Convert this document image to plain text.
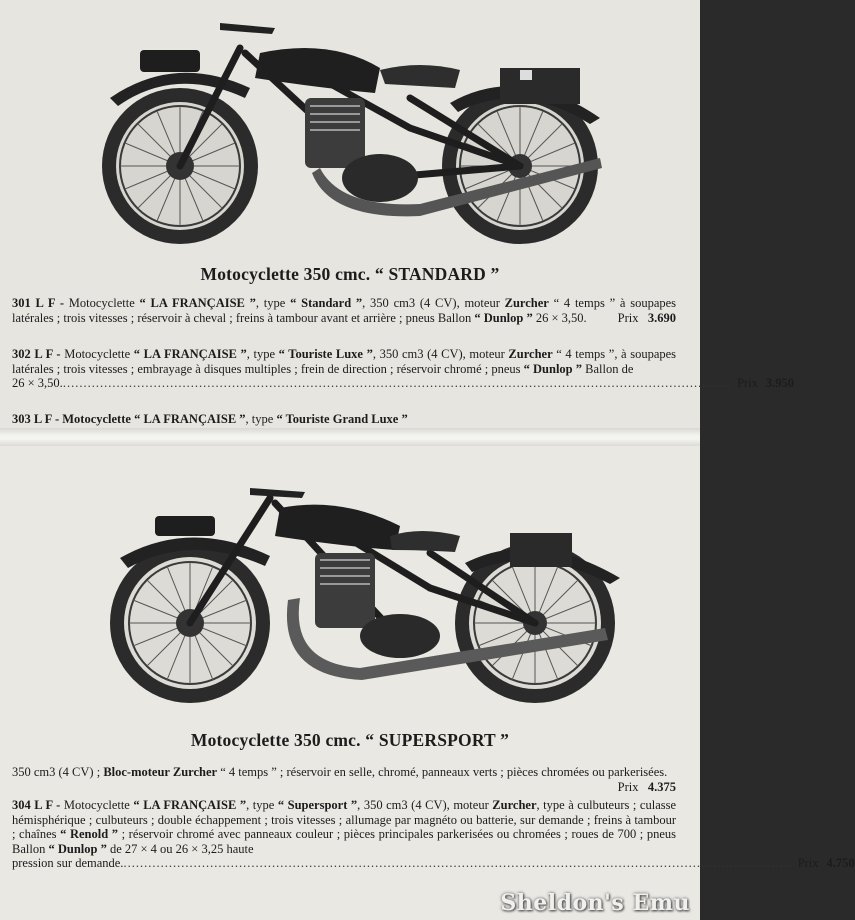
Motocyclette 350 cmc. “ STANDARD ”
301 L F - Motocyclette “ LA FRANÇAISE ”, type “ Standard ”, 350 cm3 (4 CV), moteur Zurcher “ 4 temps ” à soupapes latérales ; trois vitesses ; réservoir à cheval ; freins à tambour avant et arrière ; pneus Ballon “ Dunlop ” 26 × 3,50. Prix 3.690
302 L F - Motocyclette “ LA FRANÇAISE ”, type “ Touriste Luxe ”, 350 cm3 (4 CV), moteur Zurcher “ 4 temps ”, à soupapes latérales ; trois vitesses ; embrayage à disques multiples ; frein de direction ; réservoir chromé ; pneus “ Dunlop ” Ballon de
26 × 3,50. .................................................................................................................................................................. Prix 3.950
303 L F - Motocyclette “ LA FRANÇAISE ”, type “ Touriste Grand Luxe ”
Motocyclette 350 cmc. “ SUPERSPORT ”
350 cm3 (4 CV) ; Bloc-moteur Zurcher “ 4 temps ” ; réservoir en selle, chromé, panneaux verts ; pièces chromées ou parkerisées.
Prix 4.375
304 L F - Motocyclette “ LA FRANÇAISE ”, type “ Supersport ”, 350 cm3 (4 CV), moteur Zurcher, type à culbuteurs ; culasse hémisphérique ; culbuteurs ; double échappement ; trois vitesses ; allumage par magnéto ou batterie, sur demande ; freins à tambour ; chaînes “ Renold ” ; réservoir chromé avec panneaux couleur ; pièces principales parkerisées ou chromées ; roues de 700 ; pneus Ballon “ Dunlop ” de 27 × 4 ou 26 × 3,25 haute
pression sur demande. .................................................................................................................................................................. Prix 4.750
Sheldon's Emu
